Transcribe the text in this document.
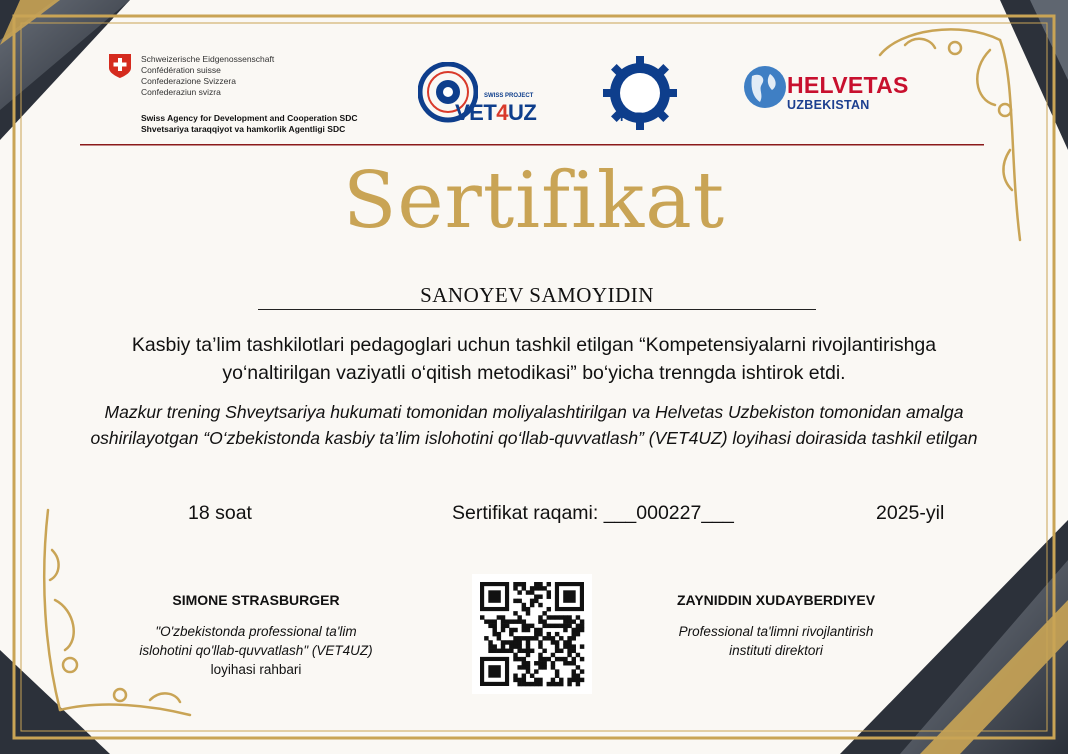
Schweizerische Eidgenossenschaft
Confédération suisse
Confederazione Svizzera
Confederaziun svizra
Swiss Agency for Development and Cooperation SDC
Shvetsariya taraqqiyot va hamkorlik Agentligi SDC
SWISS PROJECT
VET4UZ	PTRI
HELVETAS
UZBEKISTAN
Sertifikat
SANOYEV SAMOYIDIN
Kasbiy ta’lim tashkilotlari pedagoglari uchun tashkil etilgan “Kompetensiyalarni rivojlantirishga yo‘naltirilgan vaziyatli o‘qitish metodikasi” bo‘yicha trenngda ishtirok etdi.
Mazkur trening Shveytsariya hukumati tomonidan moliyalashtirilgan va Helvetas Uzbekiston tomonidan amalga oshirilayotgan “O‘zbekistonda kasbiy ta’lim islohotini qo‘llab-quvvatlash” (VET4UZ) loyihasi doirasida tashkil etilgan
18 soat	Sertifikat raqami: ___000227___	2025-yil
SIMONE STRASBURGER
"O'zbekistonda professional ta'lim
islohotini qo'llab-quvvatlash" (VET4UZ)
loyihasi rahbari
ZAYNIDDIN XUDAYBERDIYEV
Professional ta'limni rivojlantirish
instituti direktori
